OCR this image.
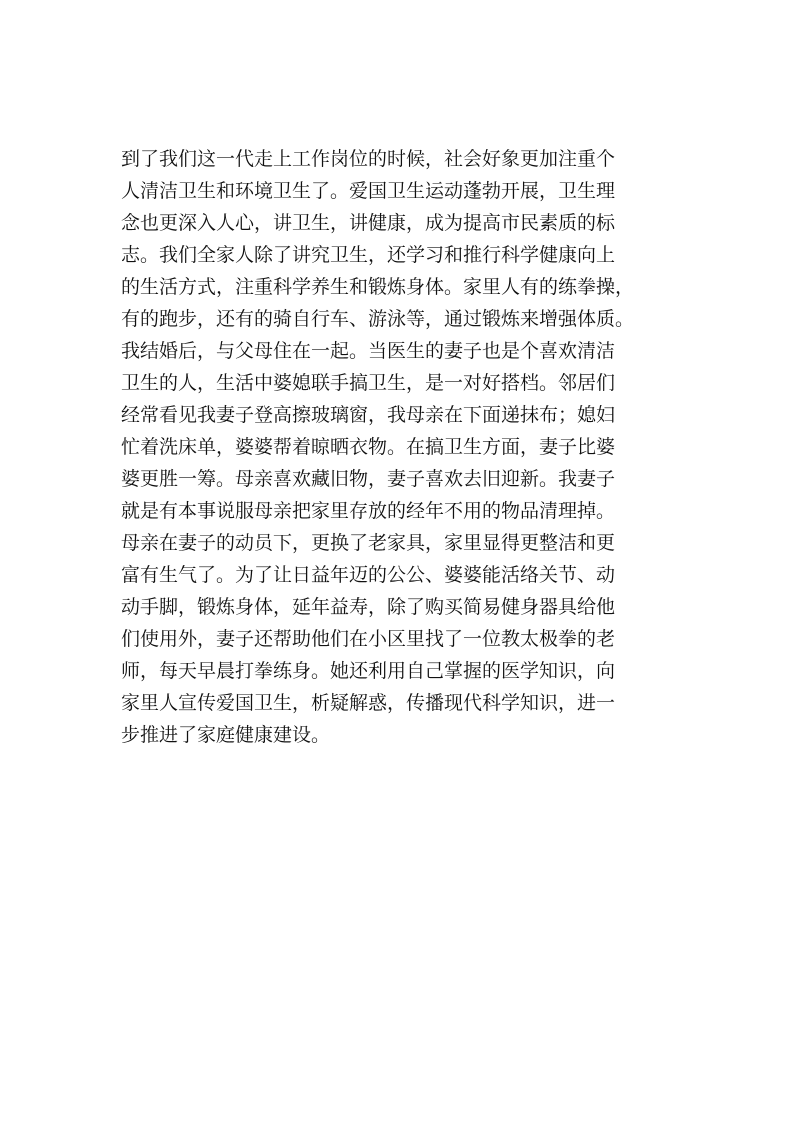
到了我们这一代走上工作岗位的时候，社会好象更加注重个
人清洁卫生和环境卫生了。爱国卫生运动蓬勃开展，卫生理
念也更深入人心，讲卫生，讲健康，成为提高市民素质的标
志。我们全家人除了讲究卫生，还学习和推行科学健康向上
的生活方式，注重科学养生和锻炼身体。家里人有的练拳操，
有的跑步，还有的骑自行车、游泳等，通过锻炼来增强体质。
我结婚后，与父母住在一起。当医生的妻子也是个喜欢清洁
卫生的人，生活中婆媳联手搞卫生，是一对好搭档。邻居们
经常看见我妻子登高擦玻璃窗，我母亲在下面递抹布；媳妇
忙着洗床单，婆婆帮着晾晒衣物。在搞卫生方面，妻子比婆
婆更胜一筹。母亲喜欢藏旧物，妻子喜欢去旧迎新。我妻子
就是有本事说服母亲把家里存放的经年不用的物品清理掉。
母亲在妻子的动员下，更换了老家具，家里显得更整洁和更
富有生气了。为了让日益年迈的公公、婆婆能活络关节、动
动手脚，锻炼身体，延年益寿，除了购买简易健身器具给他
们使用外，妻子还帮助他们在小区里找了一位教太极拳的老
师，每天早晨打拳练身。她还利用自己掌握的医学知识，向
家里人宣传爱国卫生，析疑解惑，传播现代科学知识，进一
步推进了家庭健康建设。
